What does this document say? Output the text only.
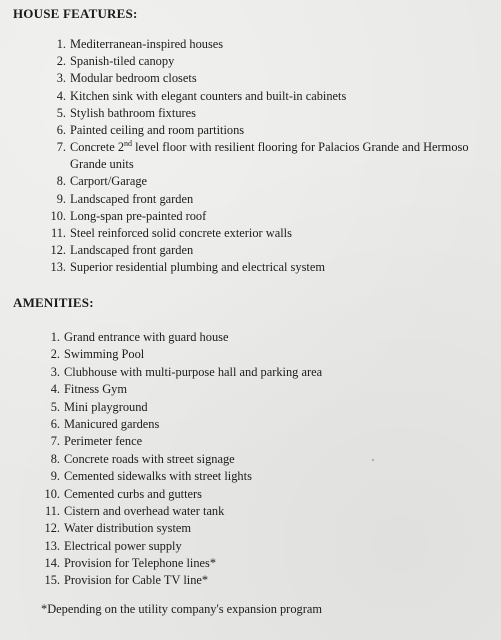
HOUSE FEATURES:
1. Mediterranean-inspired houses
2. Spanish-tiled canopy
3. Modular bedroom closets
4. Kitchen sink with elegant counters and built-in cabinets
5. Stylish bathroom fixtures
6. Painted ceiling and room partitions
7. Concrete 2nd level floor with resilient flooring for Palacios Grande and Hermoso Grande units
8. Carport/Garage
9. Landscaped front garden
10. Long-span pre-painted roof
11. Steel reinforced solid concrete exterior walls
12. Landscaped front garden
13. Superior residential plumbing and electrical system
AMENITIES:
1. Grand entrance with guard house
2. Swimming Pool
3. Clubhouse with multi-purpose hall and parking area
4. Fitness Gym
5. Mini playground
6. Manicured gardens
7. Perimeter fence
8. Concrete roads with street signage
9. Cemented sidewalks with street lights
10. Cemented curbs and gutters
11. Cistern and overhead water tank
12. Water distribution system
13. Electrical power supply
14. Provision for Telephone lines*
15. Provision for Cable TV line*

*Depending on the utility company's expansion program
